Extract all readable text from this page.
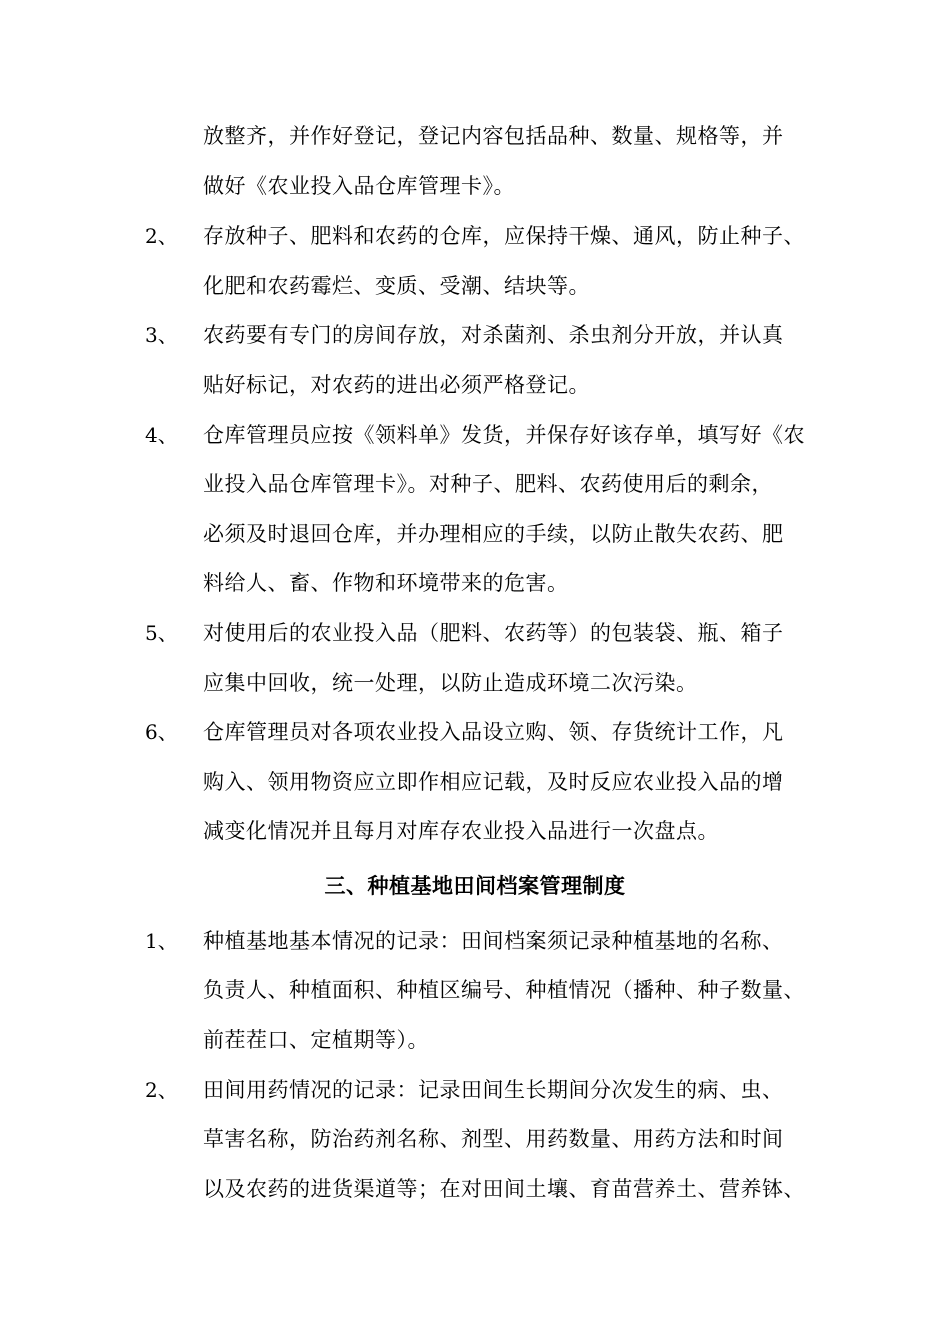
放整齐，并作好登记，登记内容包括品种、数量、规格等，并
做好《农业投入品仓库管理卡》。
2、 存放种子、肥料和农药的仓库，应保持干燥、通风，防止种子、
化肥和农药霉烂、变质、受潮、结块等。
3、 农药要有专门的房间存放，对杀菌剂、杀虫剂分开放，并认真
贴好标记，对农药的进出必须严格登记。
4、 仓库管理员应按《领料单》发货，并保存好该存单，填写好《农
业投入品仓库管理卡》。对种子、肥料、农药使用后的剩余，
必须及时退回仓库，并办理相应的手续，以防止散失农药、肥
料给人、畜、作物和环境带来的危害。
5、 对使用后的农业投入品（肥料、农药等）的包装袋、瓶、箱子
应集中回收，统一处理，以防止造成环境二次污染。
6、 仓库管理员对各项农业投入品设立购、领、存货统计工作，凡
购入、领用物资应立即作相应记载，及时反应农业投入品的增
减变化情况并且每月对库存农业投入品进行一次盘点。
三、种植基地田间档案管理制度
1、 种植基地基本情况的记录：田间档案须记录种植基地的名称、
负责人、种植面积、种植区编号、种植情况（播种、种子数量、
前茬茬口、定植期等）。
2、 田间用药情况的记录：记录田间生长期间分次发生的病、虫、
草害名称，防治药剂名称、剂型、用药数量、用药方法和时间
以及农药的进货渠道等；在对田间土壤、育苗营养土、营养钵、
